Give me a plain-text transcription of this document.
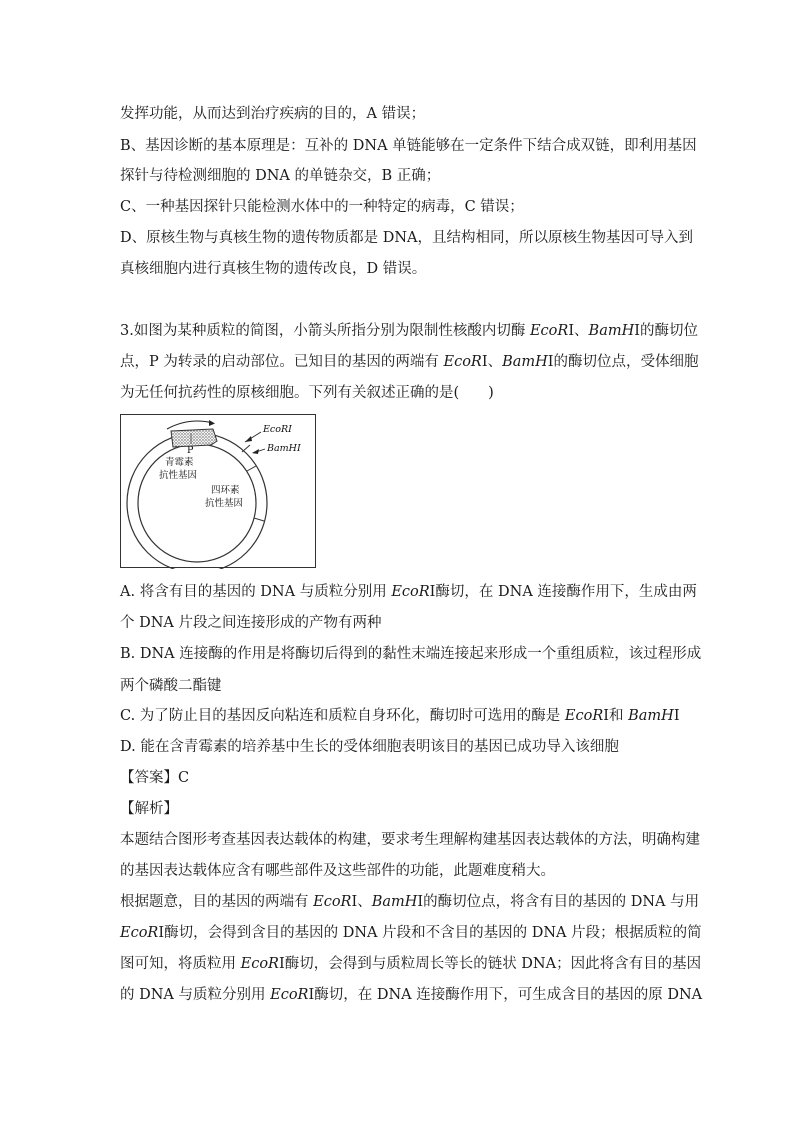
发挥功能，从而达到治疗疾病的目的，A 错误；
B、基因诊断的基本原理是：互补的 DNA 单链能够在一定条件下结合成双链，即利用基因
探针与待检测细胞的 DNA 的单链杂交，B 正确；
C、一种基因探针只能检测水体中的一种特定的病毒，C 错误；
D、原核生物与真核生物的遗传物质都是 DNA，且结构相同，所以原核生物基因可导入到
真核细胞内进行真核生物的遗传改良，D 错误。
3.如图为某种质粒的简图，小箭头所指分别为限制性核酸内切酶 EcoRⅠ、BamHⅠ的酶切位
点，P 为转录的启动部位。已知目的基因的两端有 EcoRⅠ、BamHⅠ的酶切位点，受体细胞
为无任何抗药性的原核细胞。下列有关叙述正确的是(　　)
EcoRⅠ
BamHⅠ
P
青霉素
抗性基因
四环素
抗性基因
A. 将含有目的基因的 DNA 与质粒分别用 EcoRⅠ酶切，在 DNA 连接酶作用下，生成由两
个 DNA 片段之间连接形成的产物有两种
B. DNA 连接酶的作用是将酶切后得到的黏性末端连接起来形成一个重组质粒，该过程形成
两个磷酸二酯键
C. 为了防止目的基因反向粘连和质粒自身环化，酶切时可选用的酶是 EcoRⅠ和 BamHⅠ
D. 能在含青霉素的培养基中生长的受体细胞表明该目的基因已成功导入该细胞
【答案】C
【解析】
本题结合图形考查基因表达载体的构建，要求考生理解构建基因表达载体的方法，明确构建
的基因表达载体应含有哪些部件及这些部件的功能，此题难度稍大。
根据题意，目的基因的两端有 EcoRⅠ、BamHⅠ的酶切位点，将含有目的基因的 DNA 与用
EcoRⅠ酶切，会得到含目的基因的 DNA 片段和不含目的基因的 DNA 片段；根据质粒的简
图可知，将质粒用 EcoRⅠ酶切，会得到与质粒周长等长的链状 DNA；因此将含有目的基因
的 DNA 与质粒分别用 EcoRⅠ酶切，在 DNA 连接酶作用下，可生成含目的基因的原 DNA
